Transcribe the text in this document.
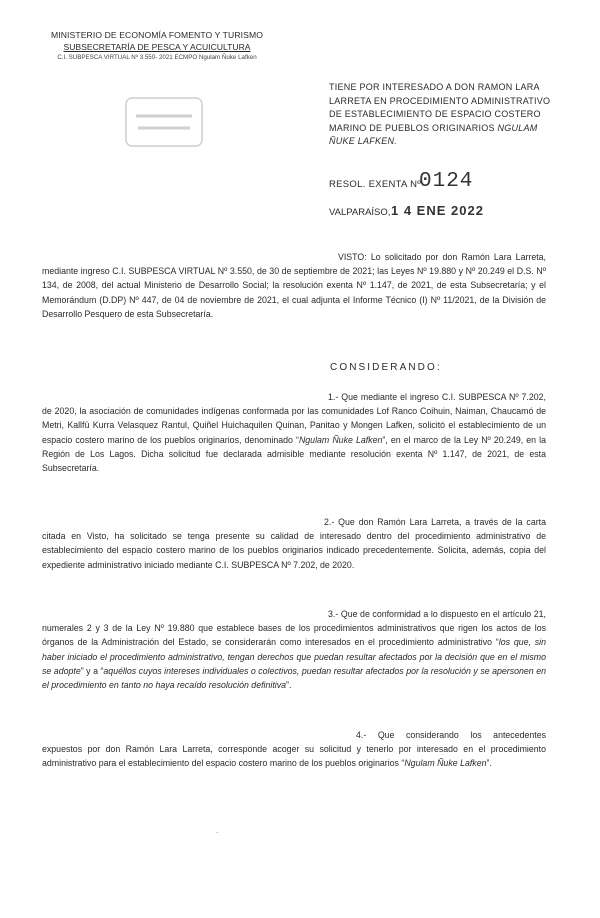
MINISTERIO DE ECONOMÍA FOMENTO Y TURISMO
SUBSECRETARÍA DE PESCA Y ACUICULTURA
C.I. SUBPESCA VIRTUAL Nº 3.550- 2021 ECMPO Ngulam Ñuke Lafken
TIENE POR INTERESADO A DON RAMON LARA LARRETA EN PROCEDIMIENTO ADMINISTRATIVO DE ESTABLECIMIENTO DE ESPACIO COSTERO MARINO DE PUEBLOS ORIGINARIOS NGULAM ÑUKE LAFKEN.
RESOL. EXENTA Nº
0124
VALPARAÍSO, 1 4 ENE 2022
VISTO: Lo solicitado por don Ramón Lara Larreta, mediante ingreso C.I. SUBPESCA VIRTUAL Nº 3.550, de 30 de septiembre de 2021; las Leyes Nº 19.880 y Nº 20.249 el D.S. Nº 134, de 2008, del actual Ministerio de Desarrollo Social; la resolución exenta Nº 1.147, de 2021, de esta Subsecretaría; y el Memorándum (D.DP) Nº 447, de 04 de noviembre de 2021, el cual adjunta el Informe Técnico (I) Nº 11/2021, de la División de Desarrollo Pesquero de esta Subsecretaría.
CONSIDERANDO:
1.- Que mediante el ingreso C.I. SUBPESCA Nº 7.202, de 2020, la asociación de comunidades indígenas conformada por las comunidades Lof Ranco Coihuin, Naiman, Chaucamó de Metri, Kallfü Kurra Velasquez Rantul, Quiñel Huichaquilen Quinan, Panitao y Mongen Lafken, solicitó el establecimiento de un espacio costero marino de los pueblos originarios, denominado “Ngulam Ñuke Lafken”, en el marco de la Ley Nº 20.249, en la Región de Los Lagos. Dicha solicitud fue declarada admisible mediante resolución exenta Nº 1.147, de 2021, de esta Subsecretaría.
2.- Que don Ramón Lara Larreta, a través de la carta citada en Visto, ha solicitado se tenga presente su calidad de interesado dentro del procedimiento administrativo de establecimiento del espacio costero marino de los pueblos originarios indicado precedentemente. Solicita, además, copia del expediente administrativo iniciado mediante C.I. SUBPESCA Nº 7.202, de 2020.
3.- Que de conformidad a lo dispuesto en el artículo 21, numerales 2 y 3 de la Ley Nº 19.880 que establece bases de los procedimientos administrativos que rigen los actos de los órganos de la Administración del Estado, se considerarán como interesados en el procedimiento administrativo “los que, sin haber iniciado el procedimiento administrativo, tengan derechos que puedan resultar afectados por la decisión que en el mismo se adopte” y a “aquéllos cuyos intereses individuales o colectivos, puedan resultar afectados por la resolución y se apersonen en el procedimiento en tanto no haya recaído resolución definitiva”.
4.- Que considerando los antecedentes expuestos por don Ramón Lara Larreta, corresponde acoger su solicitud y tenerlo por interesado en el procedimiento administrativo para el establecimiento del espacio costero marino de los pueblos originarios “Ngulam Ñuke Lafken”.
.
